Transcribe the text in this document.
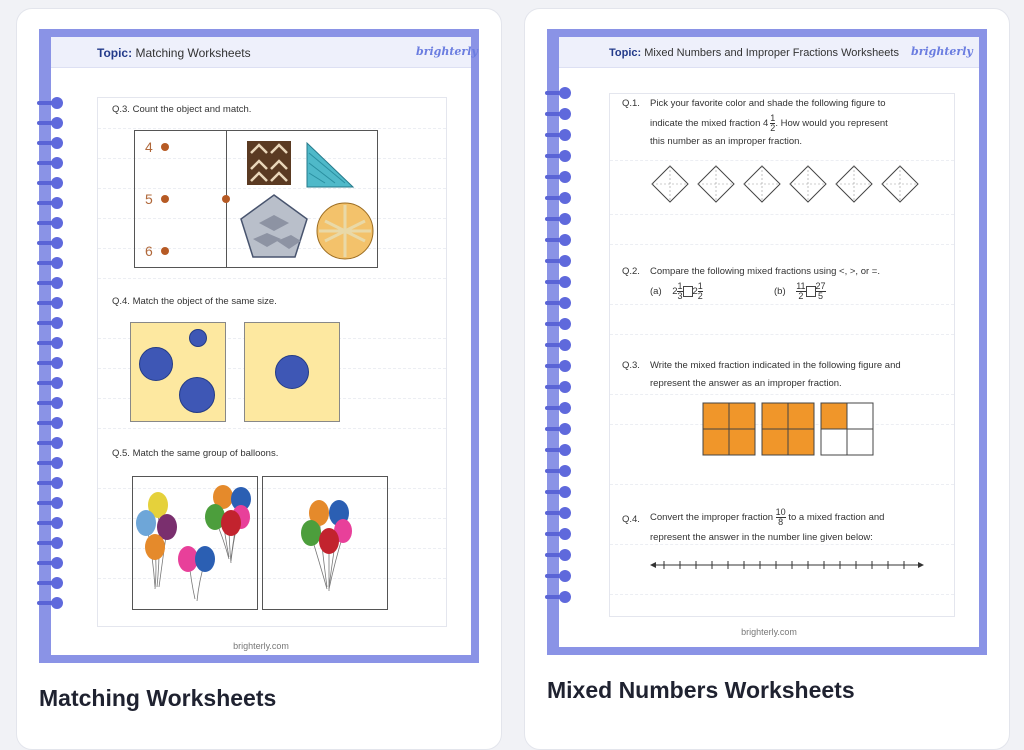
Topic: Matching Worksheets	brighterly
Q.3. Count the object and match.
4
5
6
Q.4. Match the object of the same size.
Q.5. Match the same group of balloons.
brighterly.com
Matching Worksheets
Topic: Mixed Numbers and Improper Fractions Worksheets brighterly
Q.1. Pick your favorite color and shade the following figure to
indicate the mixed fraction $4 \frac{1}{2}$ . How would you represent
this number as an improper fraction.
Q.2. Compare the following mixed fractions using <, >, or =.
(a) $2 \frac{1}{3} 2 \frac{1}{2}$	$(b) \frac{11}{2} \frac{27}{5}$
Q.3. Write the mixed fraction indicated in the following figure and
represent the answer as an improper fraction.
Q.4. Convert the improper fraction $\frac{10}{8}$ to a mixed fraction and
represent the answer in the number line given below:
brighterly.com
Mixed Numbers Worksheets
